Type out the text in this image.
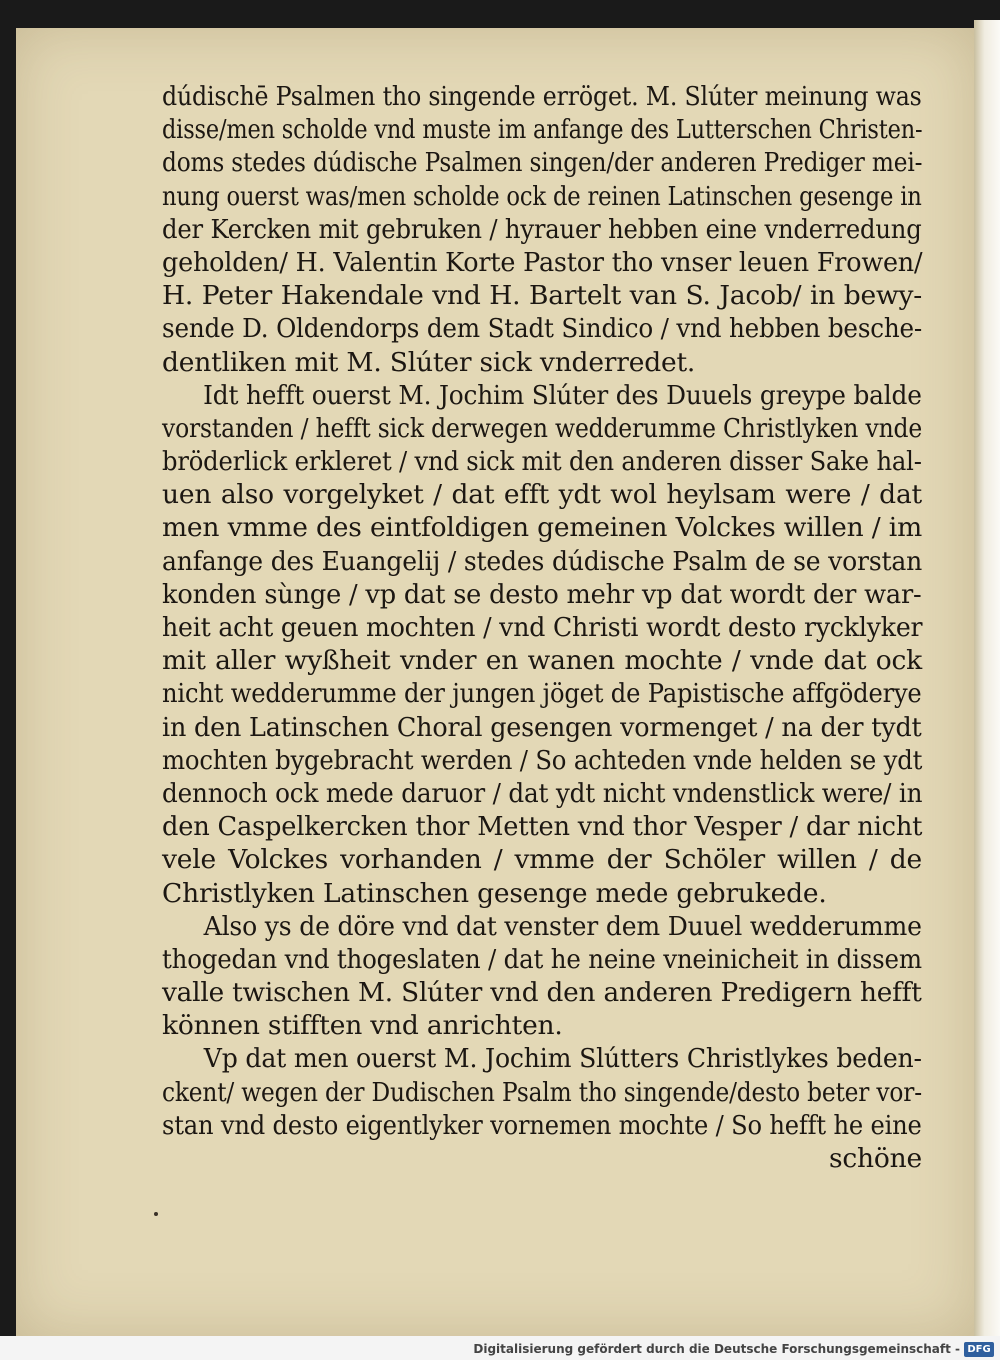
dúdischē Psalmen tho singende erröget. M. Slúter meinung was
disse/men scholde vnd muste im anfange des Lutterschen Christen-
doms stedes dúdische Psalmen singen/der anderen Prediger mei-
nung ouerst was/men scholde ock de reinen Latinschen gesenge in
der Kercken mit gebruken / hyrauer hebben eine vnderredung
geholden/ H. Valentin Korte Pastor tho vnser leuen Frowen/
H. Peter Hakendale vnd H. Bartelt van S. Jacob/ in bewy-
sende D. Oldendorps dem Stadt Sindico / vnd hebben besche-
dentliken mit M. Slúter sick vnderredet.
Idt hefft ouerst M. Jochim Slúter des Duuels greype balde
vorstanden / hefft sick derwegen wedderumme Christlyken vnde
bröderlick erkleret / vnd sick mit den anderen disser Sake hal-
uen also vorgelyket / dat efft ydt wol heylsam were / dat
men vmme des eintfoldigen gemeinen Volckes willen / im
anfange des Euangelij / stedes dúdische Psalm de se vorstan
konden sùnge / vp dat se desto mehr vp dat wordt der war-
heit acht geuen mochten / vnd Christi wordt desto rycklyker
mit aller wyßheit vnder en wanen mochte / vnde dat ock
nicht wedderumme der jungen jöget de Papistische affgöderye
in den Latinschen Choral gesengen vormenget / na der tydt
mochten bygebracht werden / So achteden vnde helden se ydt
dennoch ock mede daruor / dat ydt nicht vndenstlick were/ in
den Caspelkercken thor Metten vnd thor Vesper / dar nicht
vele Volckes vorhanden / vmme der Schöler willen / de
Christlyken Latinschen gesenge mede gebrukede.
Also ys de döre vnd dat venster dem Duuel wedderumme
thogedan vnd thogeslaten / dat he neine vneinicheit in dissem
valle twischen M. Slúter vnd den anderen Predigern hefft
können stifften vnd anrichten.
Vp dat men ouerst M. Jochim Slútters Christlykes beden-
ckent/ wegen der Dudischen Psalm tho singende/desto beter vor-
stan vnd desto eigentlyker vornemen mochte / So hefft he eine
schöne
Digitalisierung gefördert durch die Deutsche Forschungsgemeinschaft - DFG
